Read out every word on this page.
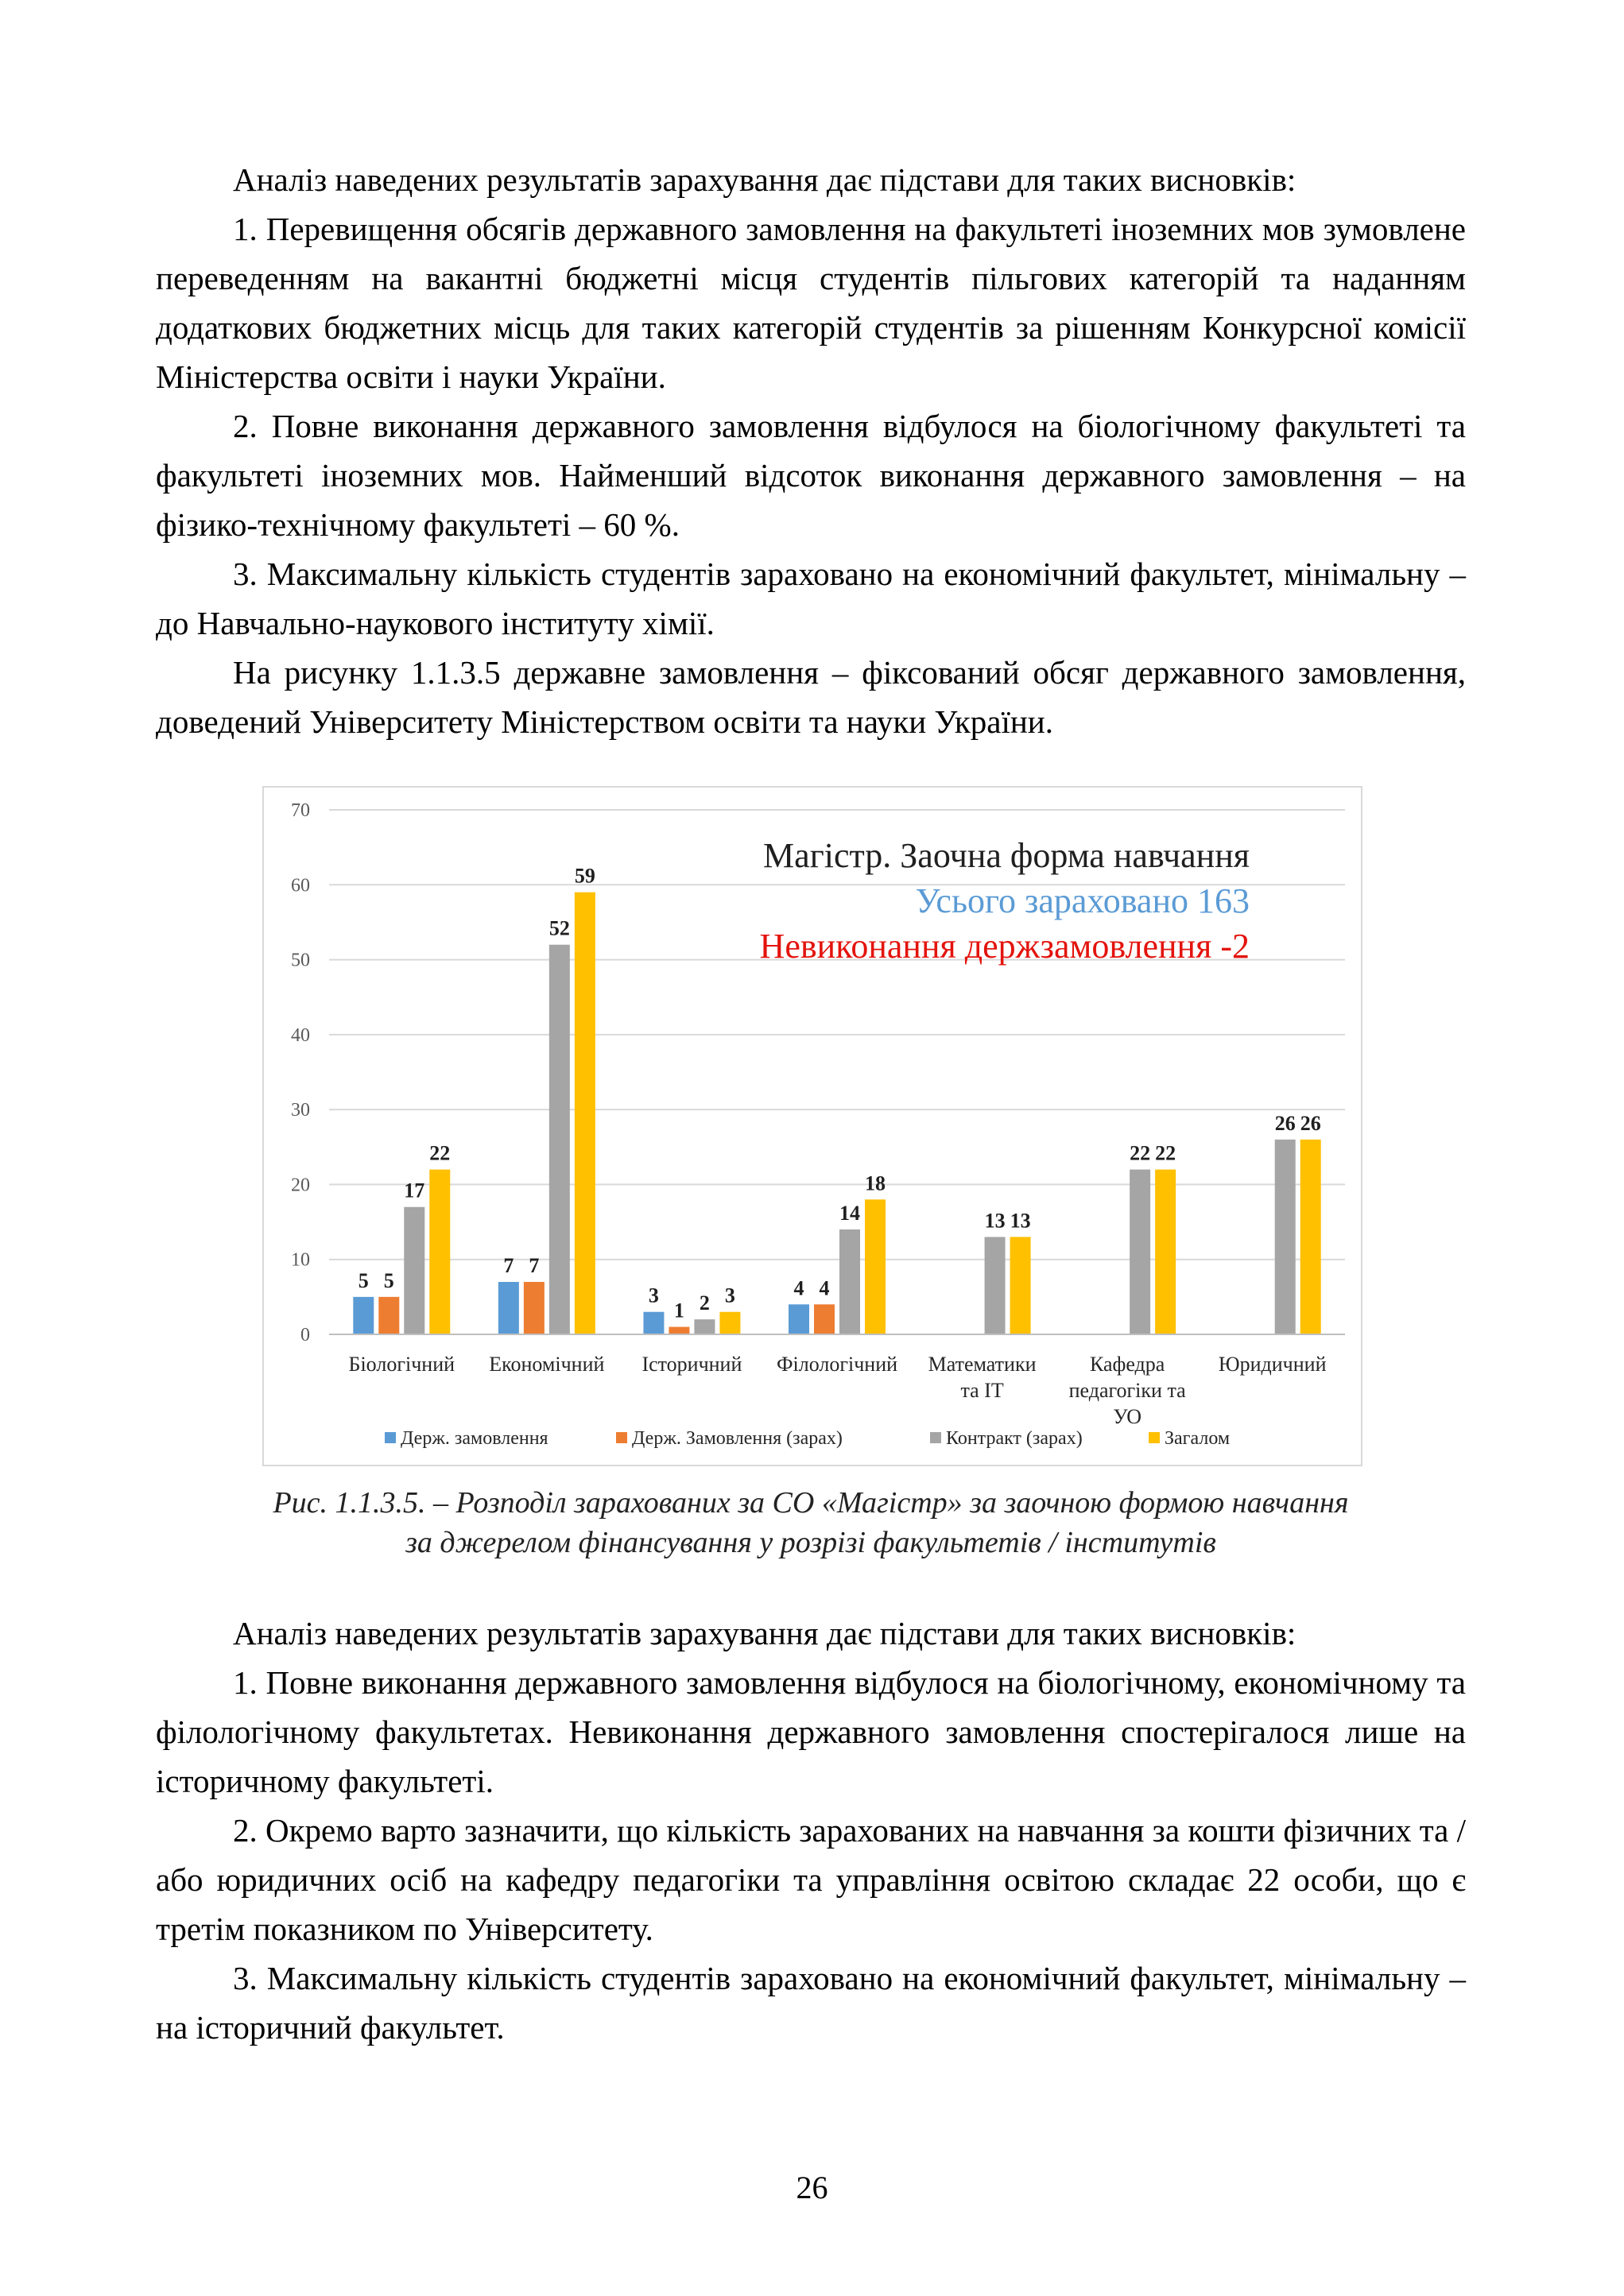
Аналіз наведених результатів зарахування дає підстави для таких висновків:

1. Перевищення обсягів державного замовлення на факультеті іноземних мов зумовлене переведенням на вакантні бюджетні місця студентів пільгових категорій та наданням додаткових бюджетних місць для таких категорій студентів за рішенням Конкурсної комісії Міністерства освіти і науки України.

2. Повне виконання державного замовлення відбулося на біологічному факультеті та факультеті іноземних мов. Найменший відсоток виконання державного замовлення – на фізико-технічному факультеті – 60 %.

3. Максимальну кількість студентів зараховано на економічний факультет, мінімальну – до Навчально-наукового інституту хімії.

На рисунку 1.1.3.5 державне замовлення – фіксований обсяг державного замовлення, доведений Університету Міністерством освіти та науки України.

0
10
20
30
40
50
60
70
5 5
17
22
Біологічний
7 7
52
59
Економічний
3
1 2 3
Історичний
4 4
14
18
Філологічний
13 13
Математики
та ІТ
22 22
Кафедра
педагогіки та
УО
26 26
Юридичний
Магістр. Заочна форма навчання
Усього зараховано 163
Невиконання держзамовлення -2
Держ. замовлення	Держ. Замовлення (зарах)	Контракт (зарах)	Загалом
Рис. 1.1.3.5. – Розподіл зарахованих за СО «Магістр» за заочною формою навчання
за джерелом фінансування у розрізі факультетів / інститутів

Аналіз наведених результатів зарахування дає підстави для таких висновків:

1. Повне виконання державного замовлення відбулося на біологічному, економічному та філологічному факультетах. Невиконання державного замовлення спостерігалося лише на історичному факультеті.

2. Окремо варто зазначити, що кількість зарахованих на навчання за кошти фізичних та / або юридичних осіб на кафедру педагогіки та управління освітою складає 22 особи, що є третім показником по Університету.

3. Максимальну кількість студентів зараховано на економічний факультет, мінімальну – на історичний факультет.

26
